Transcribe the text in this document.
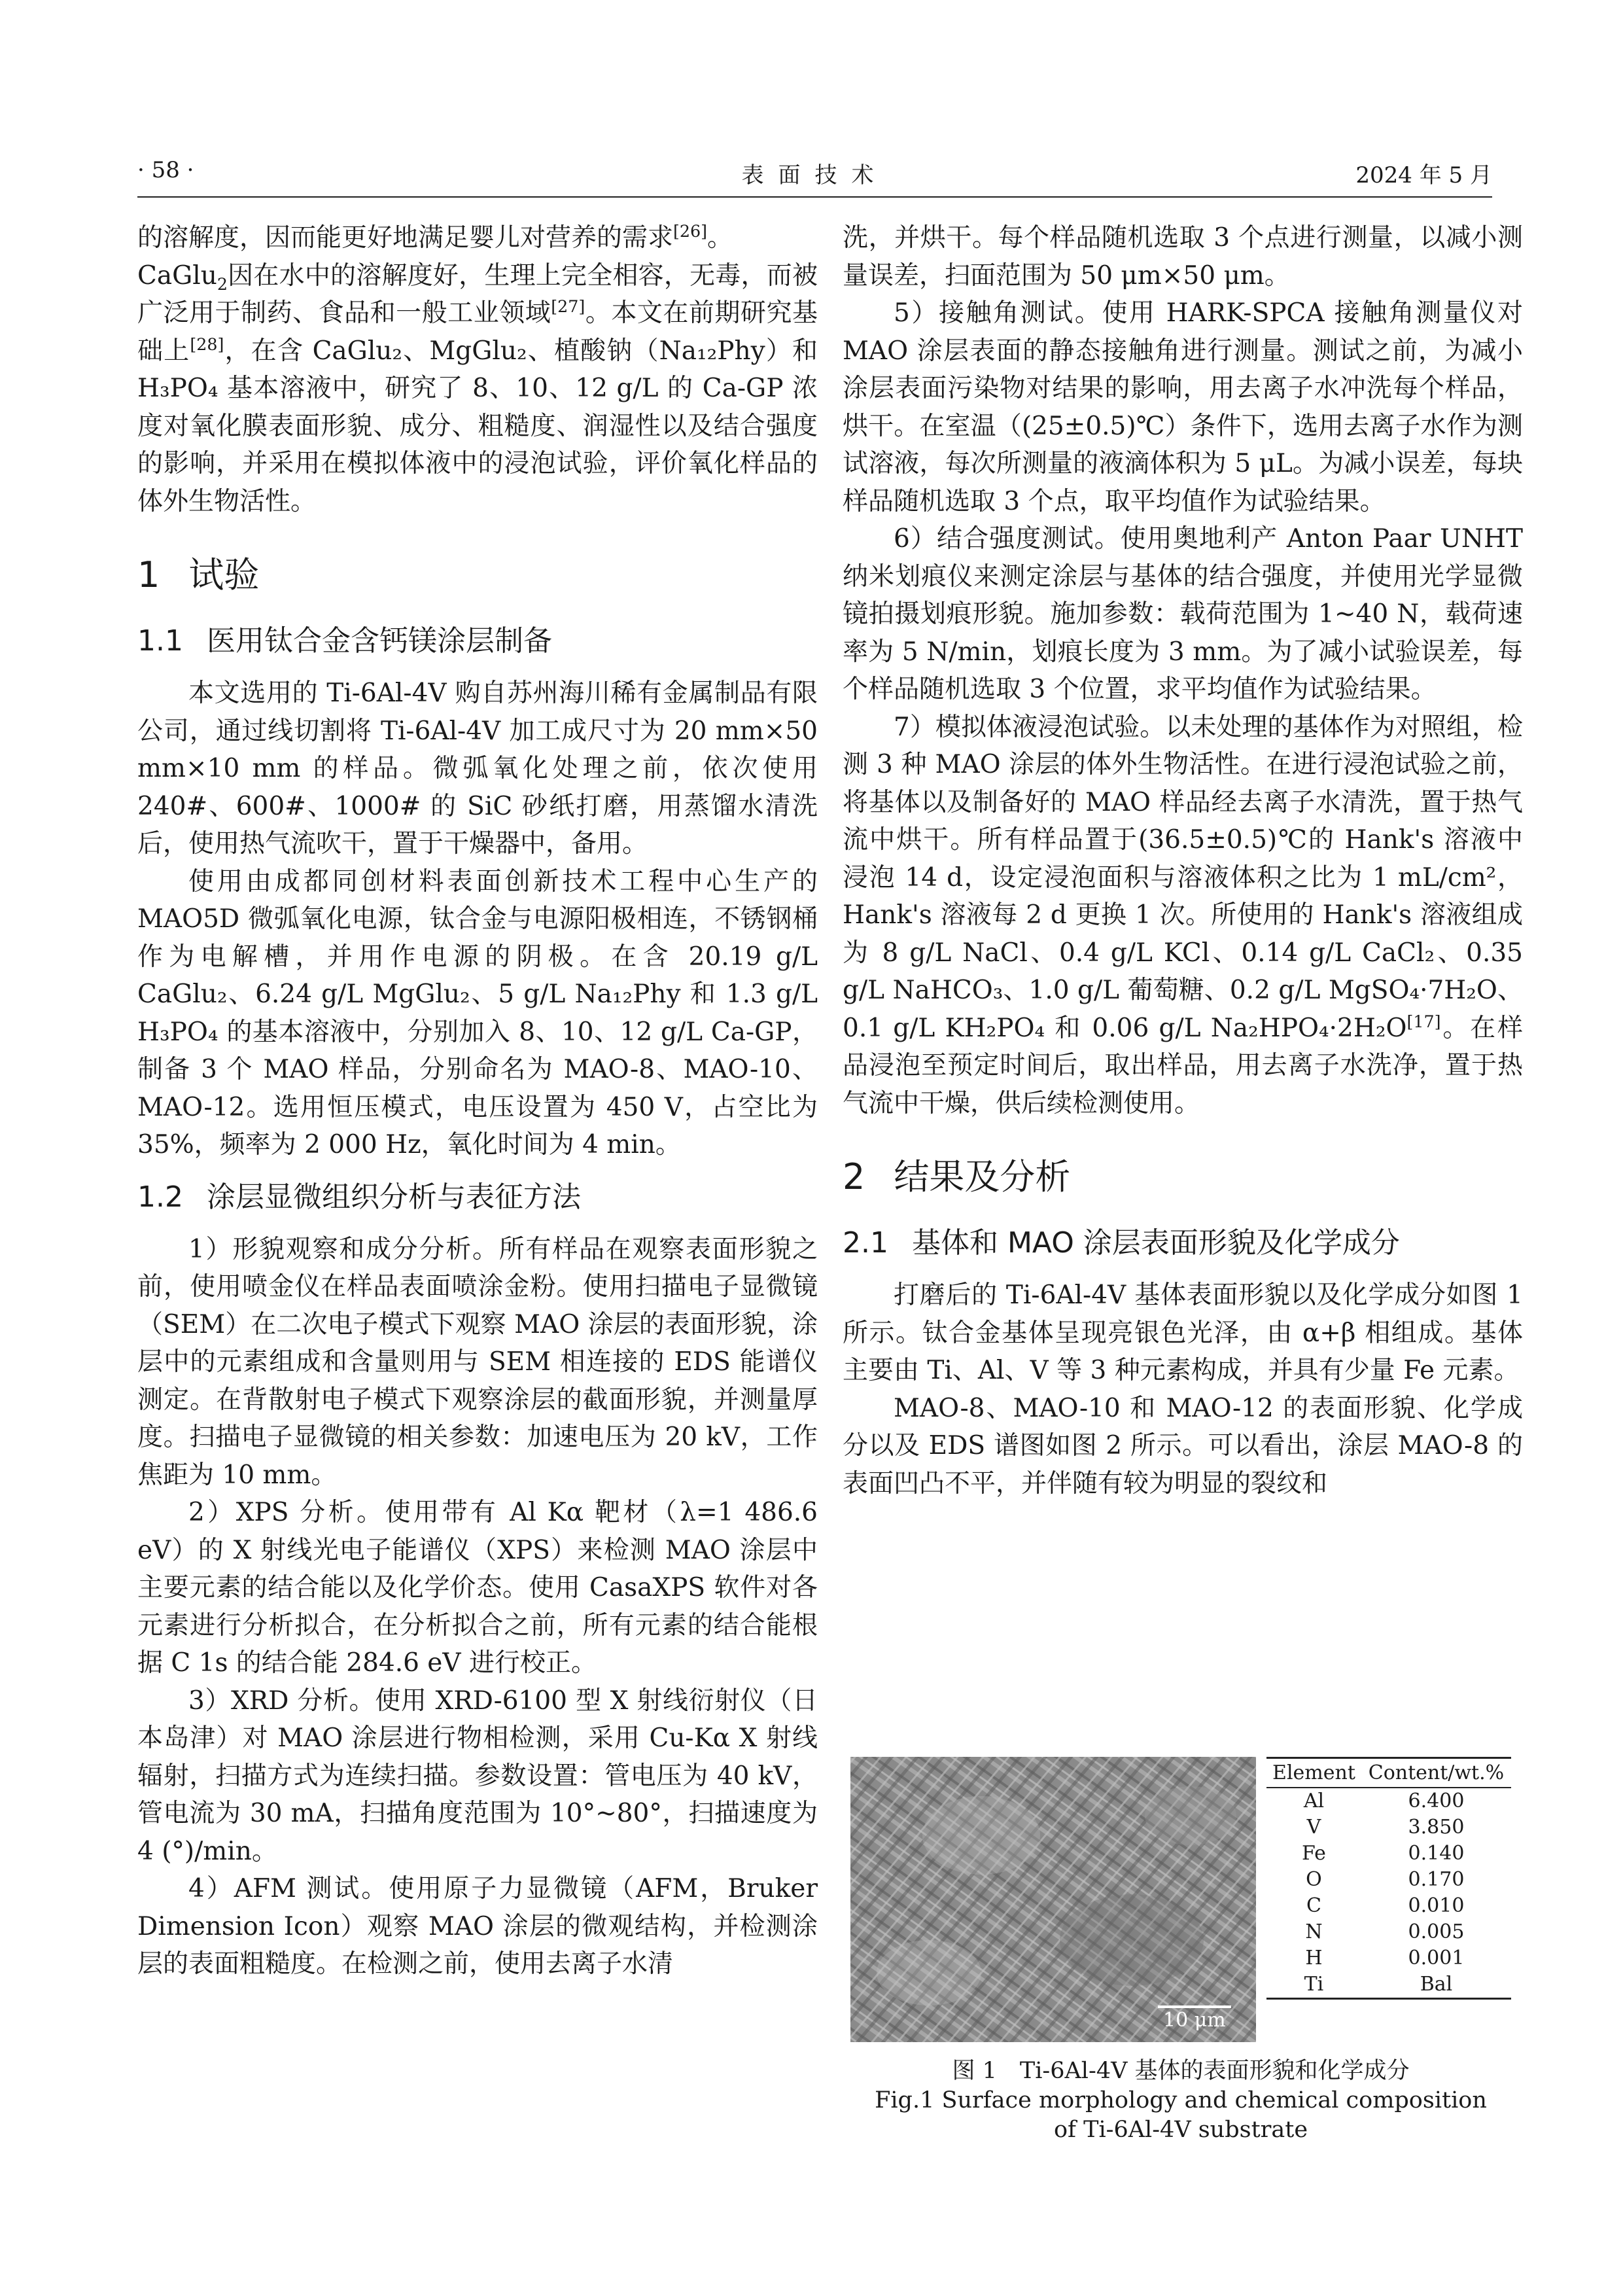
· 58 ·	表面技术	2024 年 5 月

的溶解度，因而能更好地满足婴儿对营养的需求[26]。

CaGlu$_2$因在水中的溶解度好，生理上完全相容，无毒，而被广泛用于制药、食品和一般工业领域[27]。本文在前期研究基础上[28]，在含 CaGlu₂、MgGlu₂、植酸钠（Na₁₂Phy）和 H₃PO₄ 基本溶液中，研究了 8、10、12 g/L 的 Ca-GP 浓度对氧化膜表面形貌、成分、粗糙度、润湿性以及结合强度的影响，并采用在模拟体液中的浸泡试验，评价氧化样品的体外生物活性。

1 试验
1.1 医用钛合金含钙镁涂层制备

本文选用的 Ti-6Al-4V 购自苏州海川稀有金属制品有限公司，通过线切割将 Ti-6Al-4V 加工成尺寸为 20 mm×50 mm×10 mm 的样品。微弧氧化处理之前，依次使用 240#、600#、1000# 的 SiC 砂纸打磨，用蒸馏水清洗后，使用热气流吹干，置于干燥器中，备用。

使用由成都同创材料表面创新技术工程中心生产的 MAO5D 微弧氧化电源，钛合金与电源阳极相连，不锈钢桶作为电解槽，并用作电源的阴极。在含 20.19 g/L CaGlu₂、6.24 g/L MgGlu₂、5 g/L Na₁₂Phy 和 1.3 g/L H₃PO₄ 的基本溶液中，分别加入 8、10、12 g/L Ca-GP，制备 3 个 MAO 样品，分别命名为 MAO-8、MAO-10、MAO-12。选用恒压模式，电压设置为 450 V，占空比为 35%，频率为 2 000 Hz，氧化时间为 4 min。

1.2 涂层显微组织分析与表征方法

1）形貌观察和成分分析。所有样品在观察表面形貌之前，使用喷金仪在样品表面喷涂金粉。使用扫描电子显微镜（SEM）在二次电子模式下观察 MAO 涂层的表面形貌，涂层中的元素组成和含量则用与 SEM 相连接的 EDS 能谱仪测定。在背散射电子模式下观察涂层的截面形貌，并测量厚度。扫描电子显微镜的相关参数：加速电压为 20 kV，工作焦距为 10 mm。

2）XPS 分析。使用带有 Al Kα 靶材（λ=1 486.6 eV）的 X 射线光电子能谱仪（XPS）来检测 MAO 涂层中主要元素的结合能以及化学价态。使用 CasaXPS 软件对各元素进行分析拟合，在分析拟合之前，所有元素的结合能根据 C 1s 的结合能 284.6 eV 进行校正。

3）XRD 分析。使用 XRD-6100 型 X 射线衍射仪（日本岛津）对 MAO 涂层进行物相检测，采用 Cu-Kα X 射线辐射，扫描方式为连续扫描。参数设置：管电压为 40 kV，管电流为 30 mA，扫描角度范围为 10°~80°，扫描速度为 4 (°)/min。

4）AFM 测试。使用原子力显微镜（AFM，Bruker Dimension Icon）观察 MAO 涂层的微观结构，并检测涂层的表面粗糙度。在检测之前，使用去离子水清

洗，并烘干。每个样品随机选取 3 个点进行测量，以减小测量误差，扫面范围为 50 μm×50 μm。

5）接触角测试。使用 HARK-SPCA 接触角测量仪对 MAO 涂层表面的静态接触角进行测量。测试之前，为减小涂层表面污染物对结果的影响，用去离子水冲洗每个样品，烘干。在室温（(25±0.5)℃）条件下，选用去离子水作为测试溶液，每次所测量的液滴体积为 5 μL。为减小误差，每块样品随机选取 3 个点，取平均值作为试验结果。

6）结合强度测试。使用奥地利产 Anton Paar UNHT 纳米划痕仪来测定涂层与基体的结合强度，并使用光学显微镜拍摄划痕形貌。施加参数：载荷范围为 1~40 N，载荷速率为 5 N/min，划痕长度为 3 mm。为了减小试验误差，每个样品随机选取 3 个位置，求平均值作为试验结果。

7）模拟体液浸泡试验。以未处理的基体作为对照组，检测 3 种 MAO 涂层的体外生物活性。在进行浸泡试验之前，将基体以及制备好的 MAO 样品经去离子水清洗，置于热气流中烘干。所有样品置于(36.5±0.5)℃的 Hank's 溶液中浸泡 14 d，设定浸泡面积与溶液体积之比为 1 mL/cm²，Hank's 溶液每 2 d 更换 1 次。所使用的 Hank's 溶液组成为 8 g/L NaCl、0.4 g/L KCl、0.14 g/L CaCl₂、0.35 g/L NaHCO₃、1.0 g/L 葡萄糖、0.2 g/L MgSO₄·7H₂O、0.1 g/L KH₂PO₄ 和 0.06 g/L Na₂HPO₄·2H₂O[17]。在样品浸泡至预定时间后，取出样品，用去离子水洗净，置于热气流中干燥，供后续检测使用。

2 结果及分析
2.1 基体和 MAO 涂层表面形貌及化学成分

打磨后的 Ti-6Al-4V 基体表面形貌以及化学成分如图 1 所示。钛合金基体呈现亮银色光泽，由 α+β 相组成。基体主要由 Ti、Al、V 等 3 种元素构成，并具有少量 Fe 元素。

MAO-8、MAO-10 和 MAO-12 的表面形貌、化学成分以及 EDS 谱图如图 2 所示。可以看出，涂层 MAO-8 的表面凹凸不平，并伴随有较为明显的裂纹和

10 μm
Element	Content/wt.%
Al	6.400
V	3.850
Fe	0.140
O	0.170
C	0.010
N	0.005
H	0.001
Ti	Bal
图 1　Ti-6Al-4V 基体的表面形貌和化学成分
Fig.1 Surface morphology and chemical composition
of Ti-6Al-4V substrate
